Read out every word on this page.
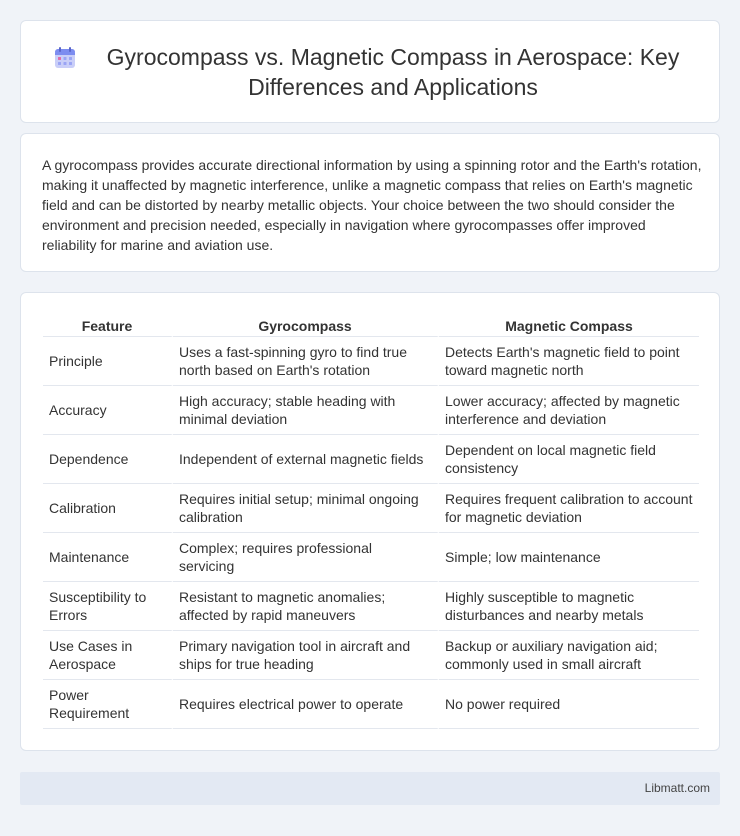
Gyrocompass vs. Magnetic Compass in Aerospace: Key Differences and Applications

A gyrocompass provides accurate directional information by using a spinning rotor and the Earth's rotation, making it unaffected by magnetic interference, unlike a magnetic compass that relies on Earth's magnetic field and can be distorted by nearby metallic objects. Your choice between the two should consider the environment and precision needed, especially in navigation where gyrocompasses offer improved reliability for marine and aviation use.

Feature	Gyrocompass	Magnetic Compass
Principle	Uses a fast-spinning gyro to find true north based on Earth's rotation	Detects Earth's magnetic field to point toward magnetic north
Accuracy	High accuracy; stable heading with minimal deviation	Lower accuracy; affected by magnetic interference and deviation
Dependence	Independent of external magnetic fields	Dependent on local magnetic field consistency
Calibration	Requires initial setup; minimal ongoing calibration	Requires frequent calibration to account for magnetic deviation
Maintenance	Complex; requires professional servicing	Simple; low maintenance
Susceptibility to Errors	Resistant to magnetic anomalies; affected by rapid maneuvers	Highly susceptible to magnetic disturbances and nearby metals
Use Cases in Aerospace	Primary navigation tool in aircraft and ships for true heading	Backup or auxiliary navigation aid; commonly used in small aircraft
Power Requirement	Requires electrical power to operate	No power required
Libmatt.com
